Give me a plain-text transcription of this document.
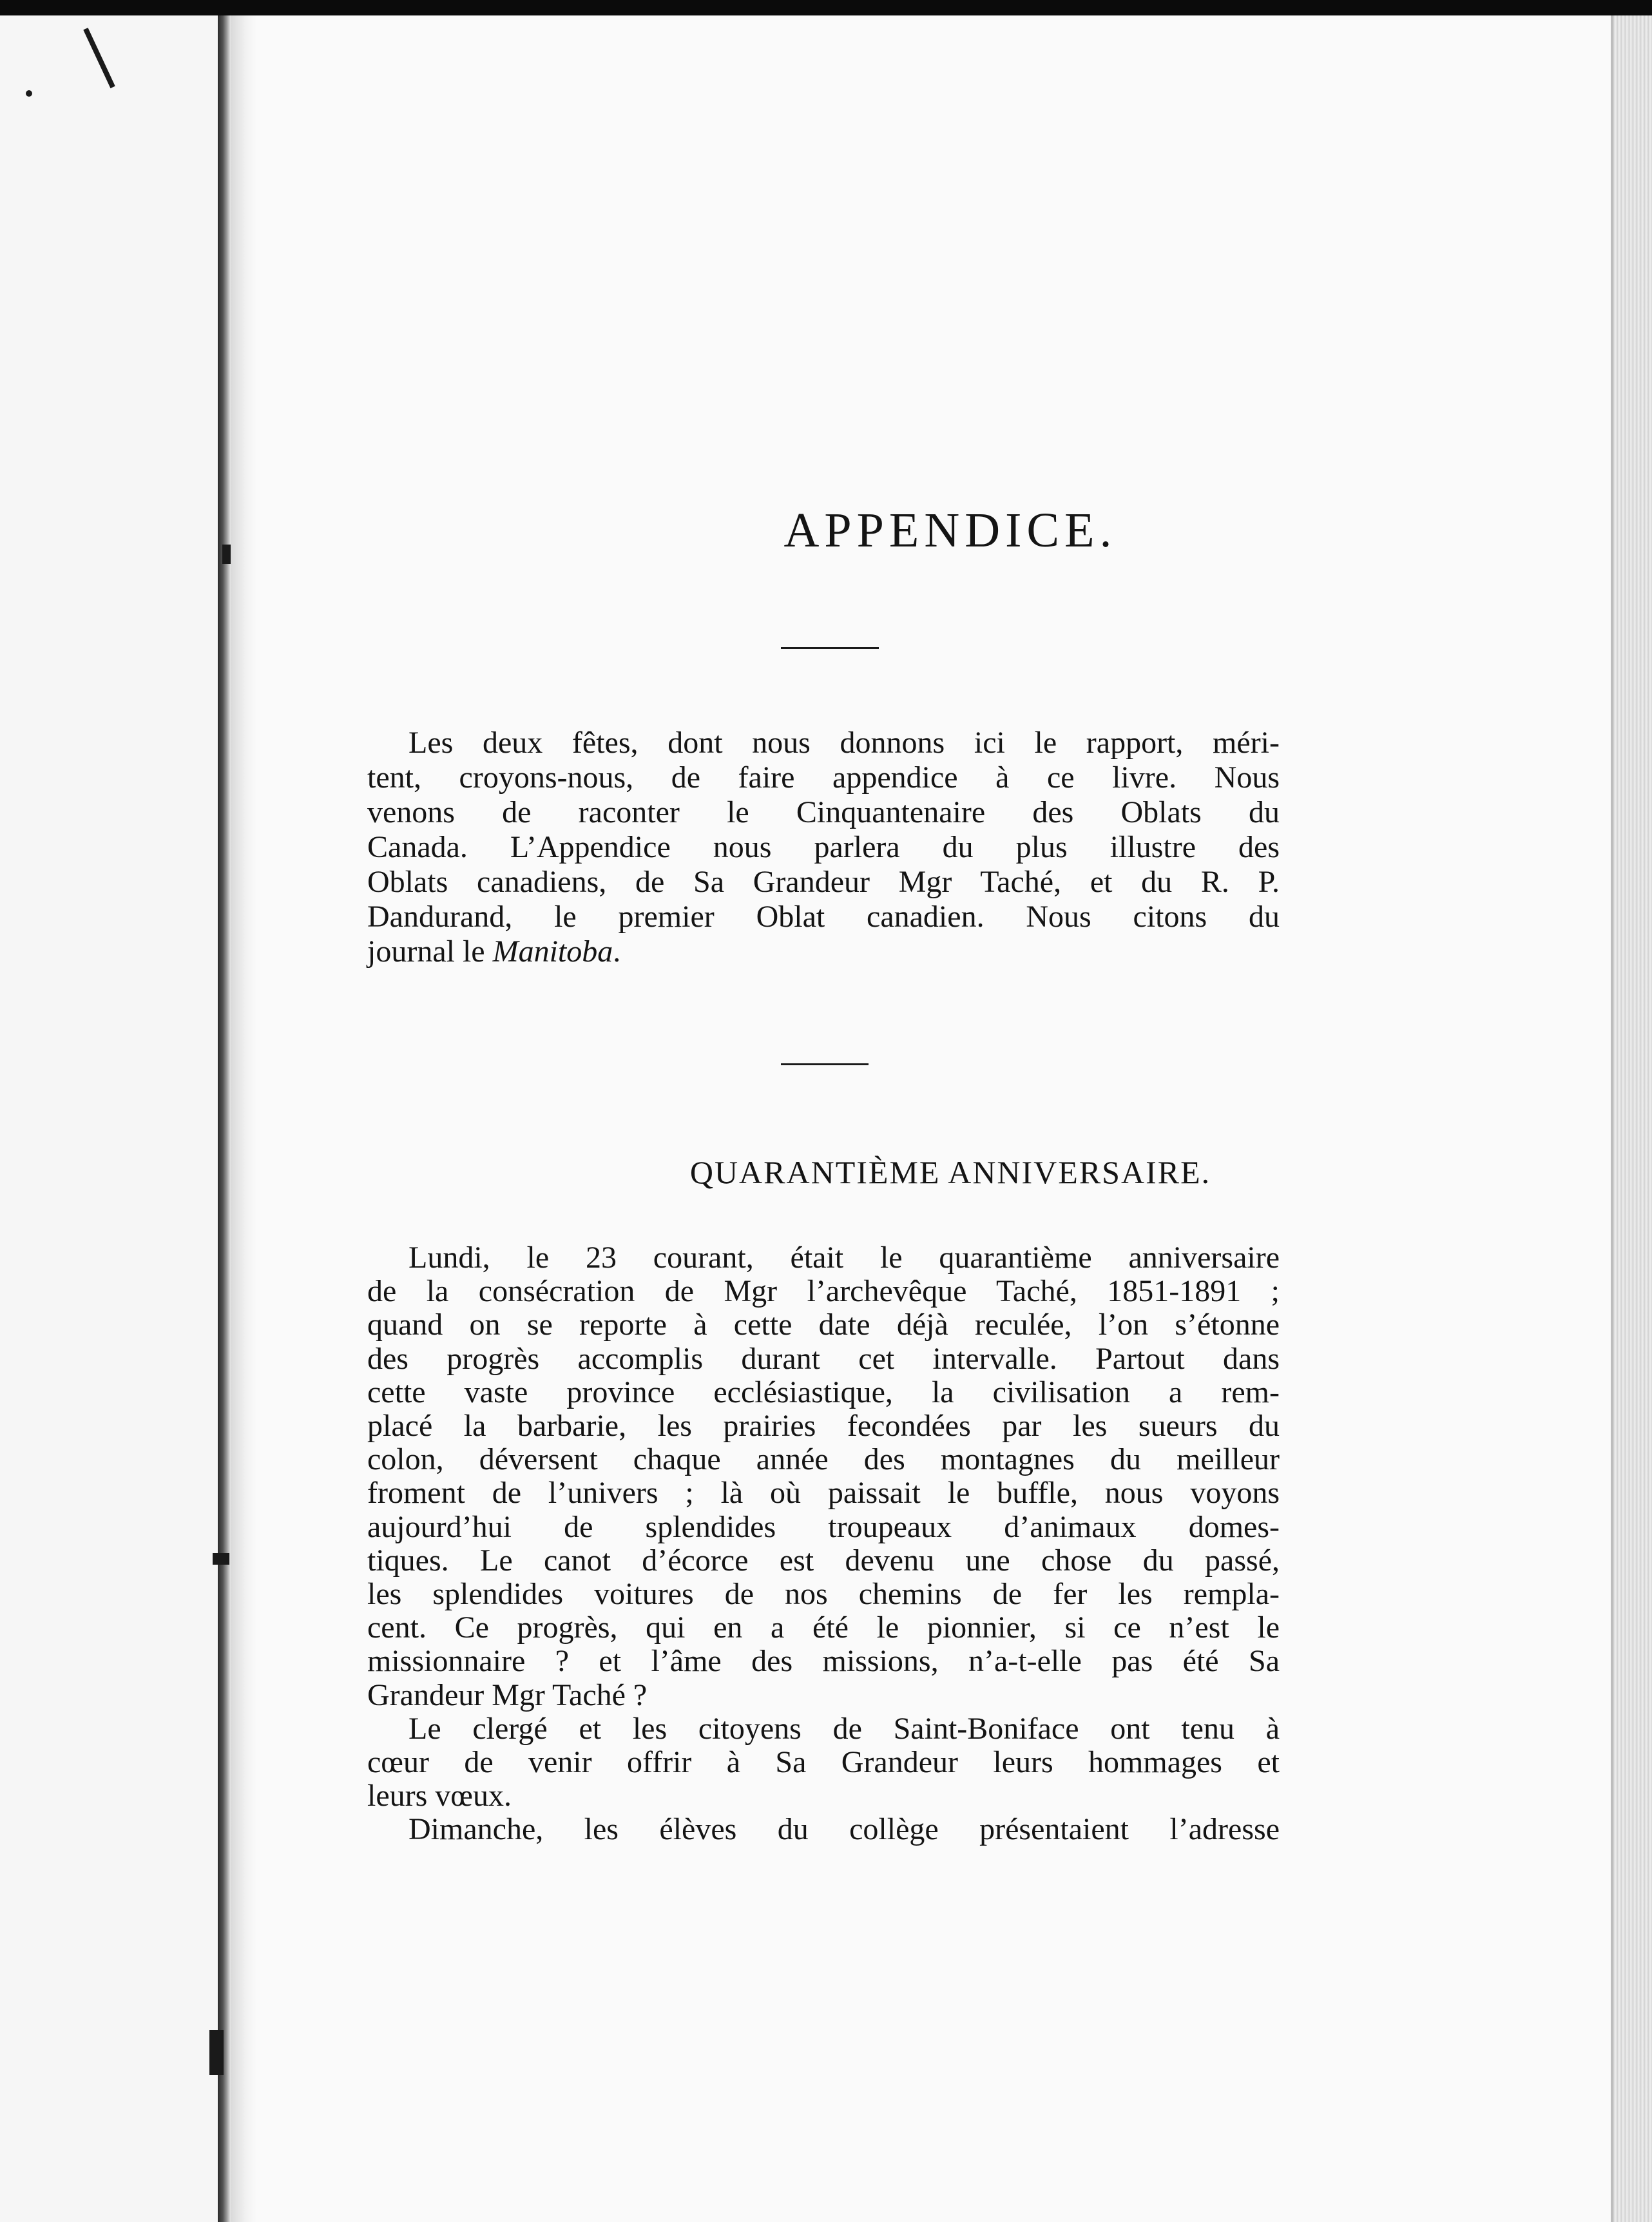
APPENDICE.

Les deux fêtes, dont nous donnons ici le rapport, méri-
tent, croyons-nous, de faire appendice à ce livre. Nous
venons de raconter le Cinquantenaire des Oblats du
Canada. L’Appendice nous parlera du plus illustre des
Oblats canadiens, de Sa Grandeur Mgr Taché, et du R. P.
Dandurand, le premier Oblat canadien. Nous citons du
journal le Manitoba.

QUARANTIÈME ANNIVERSAIRE.

Lundi, le 23 courant, était le quarantième anniversaire
de la consécration de Mgr l’archevêque Taché, 1851-1891 ;
quand on se reporte à cette date déjà reculée, l’on s’étonne
des progrès accomplis durant cet intervalle. Partout dans
cette vaste province ecclésiastique, la civilisation a rem-
placé la barbarie, les prairies fecondées par les sueurs du
colon, déversent chaque année des montagnes du meilleur
froment de l’univers ; là où paissait le buffle, nous voyons
aujourd’hui de splendides troupeaux d’animaux domes-
tiques. Le canot d’écorce est devenu une chose du passé,
les splendides voitures de nos chemins de fer les rempla-
cent. Ce progrès, qui en a été le pionnier, si ce n’est le
missionnaire ? et l’âme des missions, n’a-t-elle pas été Sa
Grandeur Mgr Taché ?
Le clergé et les citoyens de Saint-Boniface ont tenu à
cœur de venir offrir à Sa Grandeur leurs hommages et
leurs vœux.
Dimanche, les élèves du collège présentaient l’adresse
